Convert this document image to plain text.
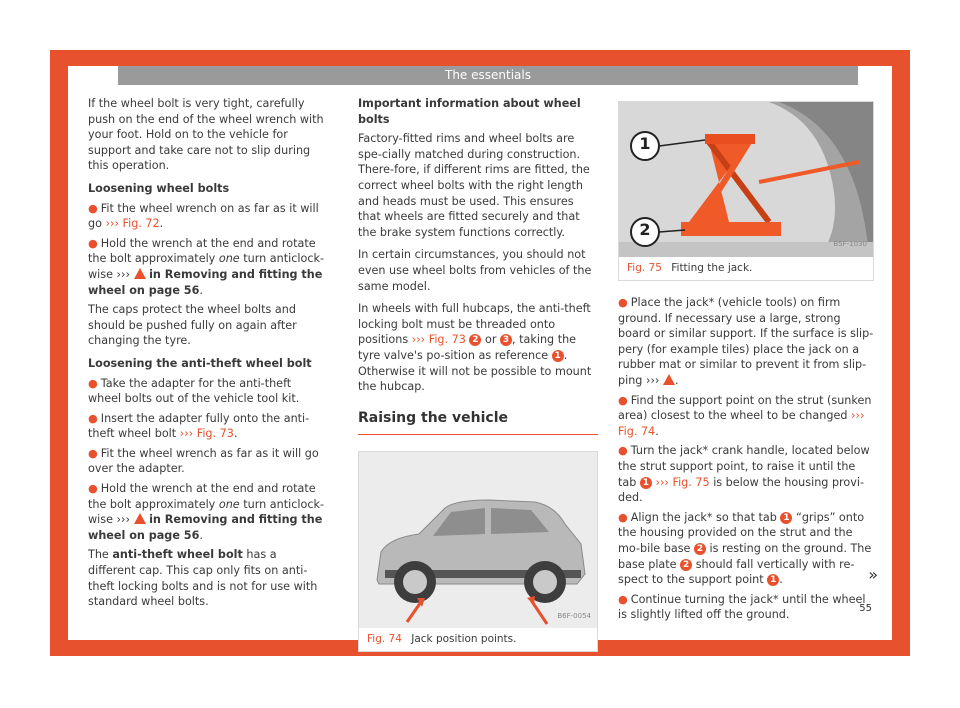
The essentials

If the wheel bolt is very tight, carefully push on the end of the wheel wrench with your foot. Hold on to the vehicle for support and take care not to slip during this operation.

Loosening wheel bolts
● Fit the wheel wrench on as far as it will go ››› Fig. 72.
● Hold the wrench at the end and rotate the bolt approximately one turn anticlock-wise ››› in Removing and fitting the wheel on page 56.

The caps protect the wheel bolts and should be pushed fully on again after changing the tyre.

Loosening the anti-theft wheel bolt
● Take the adapter for the anti-theft wheel bolts out of the vehicle tool kit.
● Insert the adapter fully onto the anti-theft wheel bolt ››› Fig. 73.
● Fit the wheel wrench as far as it will go over the adapter.
● Hold the wrench at the end and rotate the bolt approximately one turn anticlock-wise ››› in Removing and fitting the wheel on page 56.

The anti-theft wheel bolt has a different cap. This cap only fits on anti-theft locking bolts and is not for use with standard wheel bolts.

Important information about wheel bolts

Factory-fitted rims and wheel bolts are spe-cially matched during construction. There-fore, if different rims are fitted, the correct wheel bolts with the right length and heads must be used. This ensures that wheels are fitted securely and that the brake system functions correctly.

In certain circumstances, you should not even use wheel bolts from vehicles of the same model.

In wheels with full hubcaps, the anti-theft locking bolt must be threaded onto positions ››› Fig. 73 2 or 3 , taking the tyre valve's po-sition as reference 1 . Otherwise it will not be possible to mount the hubcap.

Raising the vehicle
B6F-0054
Fig. 74 Jack position points.
1
2
B5F-1030
Fig. 75 Fitting the jack.
● Place the jack* (vehicle tools) on firm ground. If necessary use a large, strong board or similar support. If the surface is slip-pery (for example tiles) place the jack on a rubber mat or similar to prevent it from slip-ping ››› .
● Find the support point on the strut (sunken area) closest to the wheel to be changed ››› Fig. 74.
● Turn the jack* crank handle, located below the strut support point, to raise it until the tab 1 ››› Fig. 75 is below the housing provi-ded.
● Align the jack* so that tab 1 “grips” onto the housing provided on the strut and the mo-bile base 2 is resting on the ground. The base plate 2 should fall vertically with re-spect to the support point 1 .
● Continue turning the jack* until the wheel is slightly lifted off the ground.
»
55
